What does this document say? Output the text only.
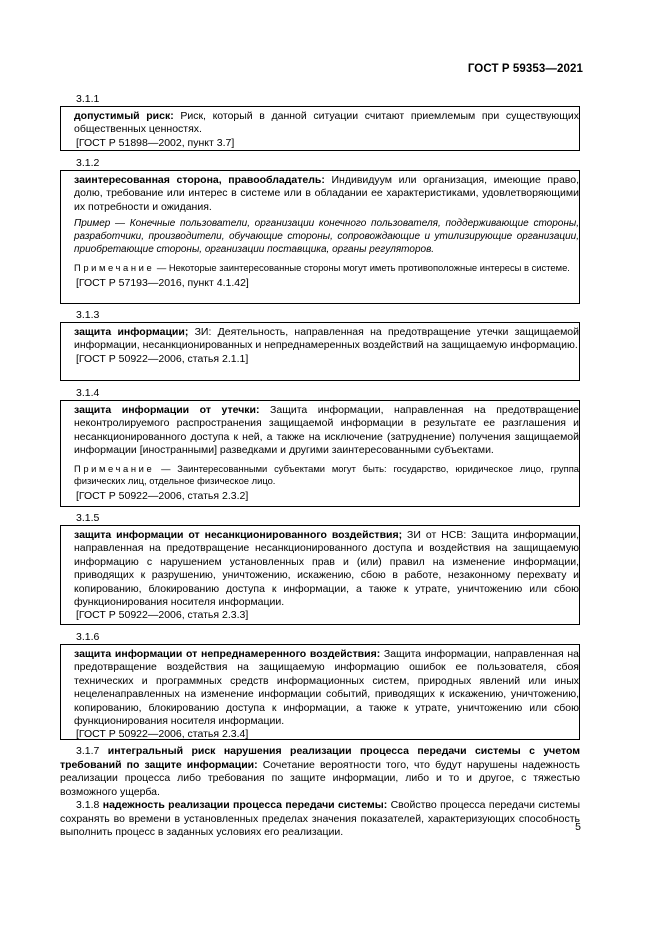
ГОСТ Р 59353—2021
3.1.1

допустимый риск: Риск, который в данной ситуации считают приемлемым при существующих общественных ценностях.

[ГОСТ Р 51898—2002, пункт 3.7]

3.1.2

заинтересованная сторона, правообладатель: Индивидуум или организация, имеющие право, долю, требование или интерес в системе или в обладании ее характеристиками, удовлетворяющими их потребности и ожидания.

Пример — Конечные пользователи, организации конечного пользователя, поддерживающие стороны, разработчики, производители, обучающие стороны, сопровождающие и утилизирующие организации, приобретающие стороны, организации поставщика, органы регуляторов.

Примечание — Некоторые заинтересованные стороны могут иметь противоположные интересы в системе.

[ГОСТ Р 57193—2016, пункт 4.1.42]

3.1.3

защита информации; ЗИ: Деятельность, направленная на предотвращение утечки защищаемой информации, несанкционированных и непреднамеренных воздействий на защищаемую информацию.

[ГОСТ Р 50922—2006, статья 2.1.1]

3.1.4

защита информации от утечки: Защита информации, направленная на предотвращение неконтролируемого распространения защищаемой информации в результате ее разглашения и несанкционированного доступа к ней, а также на исключение (затруднение) получения защищаемой информации [иностранными] разведками и другими заинтересованными субъектами.

Примечание — Заинтересованными субъектами могут быть: государство, юридическое лицо, группа физических лиц, отдельное физическое лицо.

[ГОСТ Р 50922—2006, статья 2.3.2]

3.1.5

защита информации от несанкционированного воздействия; ЗИ от НСВ: Защита информации, направленная на предотвращение несанкционированного доступа и воздействия на защищаемую информацию с нарушением установленных прав и (или) правил на изменение информации, приводящих к разрушению, уничтожению, искажению, сбою в работе, незаконному перехвату и копированию, блокированию доступа к информации, а также к утрате, уничтожению или сбою функционирования носителя информации.

[ГОСТ Р 50922—2006, статья 2.3.3]

3.1.6

защита информации от непреднамеренного воздействия: Защита информации, направленная на предотвращение воздействия на защищаемую информацию ошибок ее пользователя, сбоя технических и программных средств информационных систем, природных явлений или иных нецеленаправленных на изменение информации событий, приводящих к искажению, уничтожению, копированию, блокированию доступа к информации, а также к утрате, уничтожению или сбою функционирования носителя информации.

[ГОСТ Р 50922—2006, статья 2.3.4]

3.1.7 интегральный риск нарушения реализации процесса передачи системы с учетом требований по защите информации: Сочетание вероятности того, что будут нарушены надежность реализации процесса либо требования по защите информации, либо и то и другое, с тяжестью возможного ущерба.

3.1.8 надежность реализации процесса передачи системы: Свойство процесса передачи системы сохранять во времени в установленных пределах значения показателей, характеризующих способность выполнить процесс в заданных условиях его реализации.	5
